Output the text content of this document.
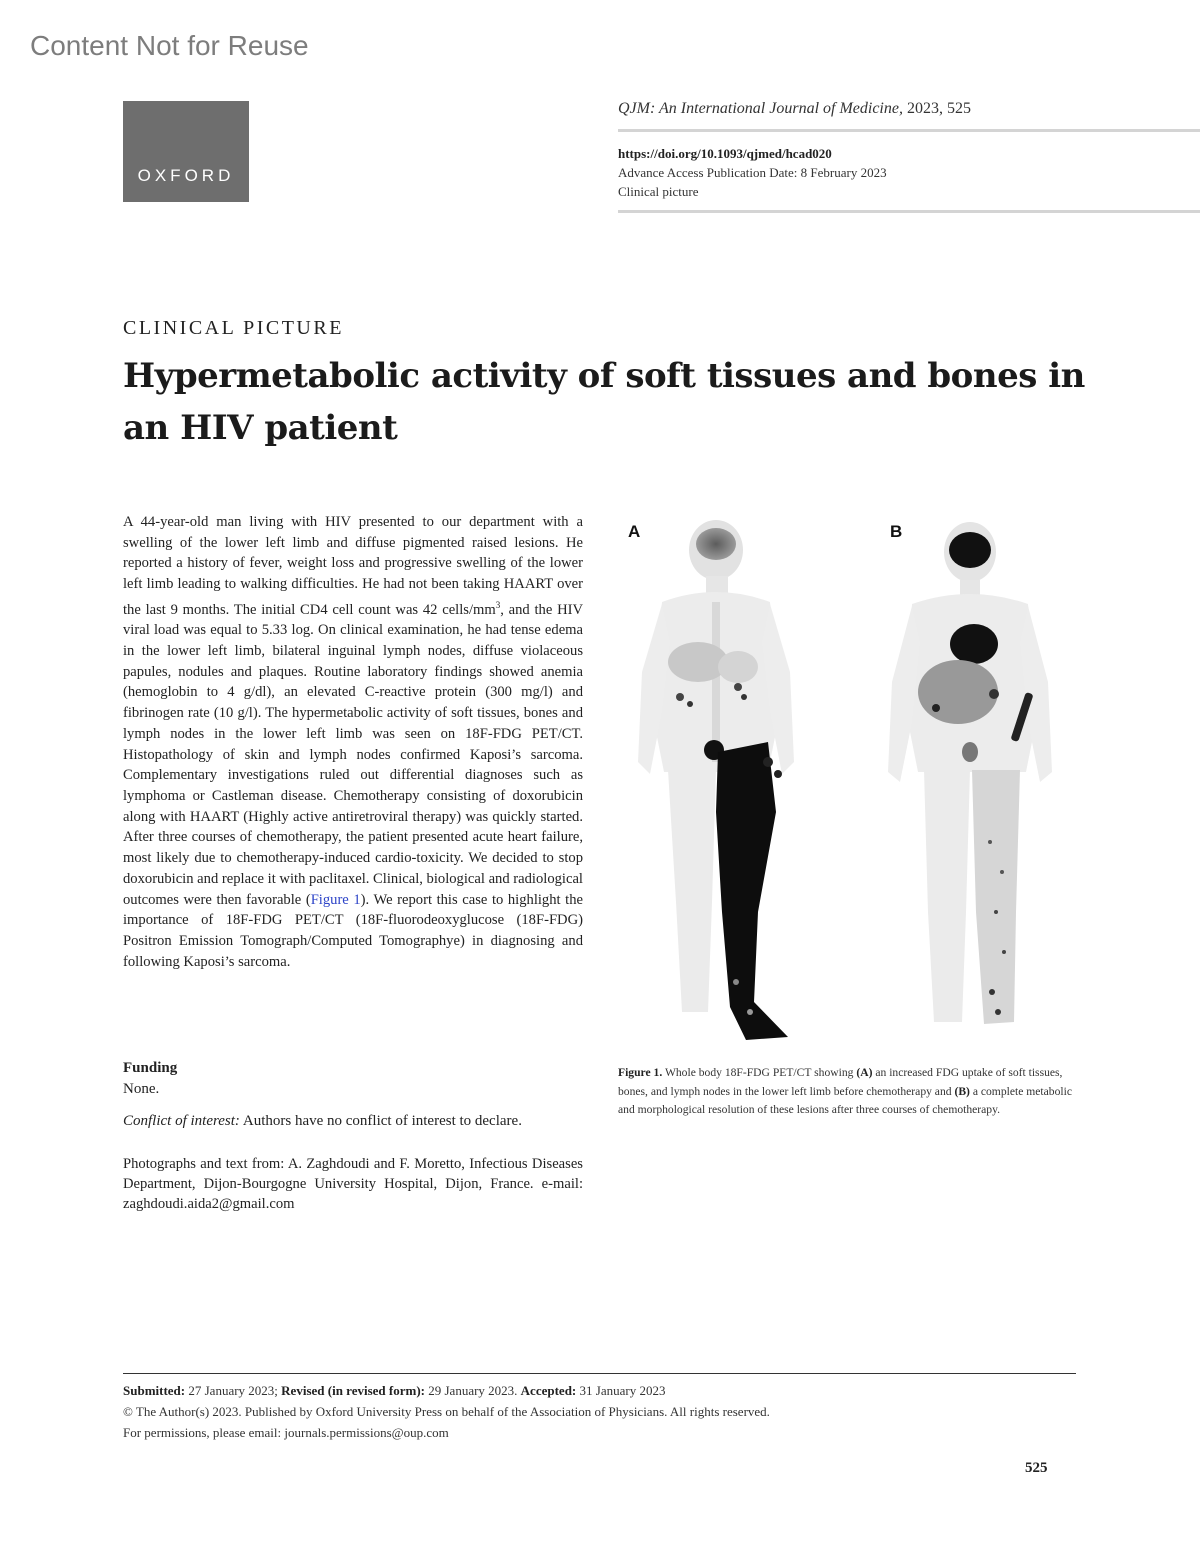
Content Not for Reuse
OXFORD
QJM: An International Journal of Medicine, 2023, 525
https://doi.org/10.1093/qjmed/hcad020
Advance Access Publication Date: 8 February 2023
Clinical picture
CLINICAL PICTURE
Hypermetabolic activity of soft tissues and bones in an HIV patient
A 44-year-old man living with HIV presented to our department with a swelling of the lower left limb and diffuse pigmented raised lesions. He reported a history of fever, weight loss and progressive swelling of the lower left limb leading to walking difficulties. He had not been taking HAART over the last 9 months. The initial CD4 cell count was 42 cells/$mm^3$, and the HIV viral load was equal to 5.33 log. On clinical examination, he had tense edema in the lower left limb, bilateral inguinal lymph nodes, diffuse violaceous papules, nodules and plaques. Routine laboratory findings showed anemia (hemoglobin to 4 g/dl), an elevated C-reactive protein (300 mg/l) and fibrinogen rate (10 g/l). The hypermetabolic activity of soft tissues, bones and lymph nodes in the lower left limb was seen on 18F-FDG PET/CT. Histopathology of skin and lymph nodes confirmed Kaposi’s sarcoma. Complementary investigations ruled out differential diagnoses such as lymphoma or Castleman disease. Chemotherapy consisting of doxorubicin along with HAART (Highly active antiretroviral therapy) was quickly started. After three courses of chemotherapy, the patient presented acute heart failure, most likely due to chemotherapy-induced cardio-toxicity. We decided to stop doxorubicin and replace it with paclitaxel. Clinical, biological and radiological outcomes were then favorable (Figure 1). We report this case to highlight the importance of 18F-FDG PET/CT (18F-fluorodeoxyglucose (18F-FDG) Positron Emission Tomograph/Computed Tomographye) in diagnosing and following Kaposi’s sarcoma.
Funding
None.
Conflict of interest: Authors have no conflict of interest to declare.
Photographs and text from: A. Zaghdoudi and F. Moretto, Infectious Diseases Department, Dijon-Bourgogne University Hospital, Dijon, France. e-mail: zaghdoudi.aida2@gmail.com
A	B
Figure 1. Whole body 18F-FDG PET/CT showing (A) an increased FDG uptake of soft tissues, bones, and lymph nodes in the lower left limb before chemotherapy and (B) a complete metabolic and morphological resolution of these lesions after three courses of chemotherapy.
Submitted: 27 January 2023; Revised (in revised form): 29 January 2023. Accepted: 31 January 2023
© The Author(s) 2023. Published by Oxford University Press on behalf of the Association of Physicians. All rights reserved.
For permissions, please email: journals.permissions@oup.com
525
